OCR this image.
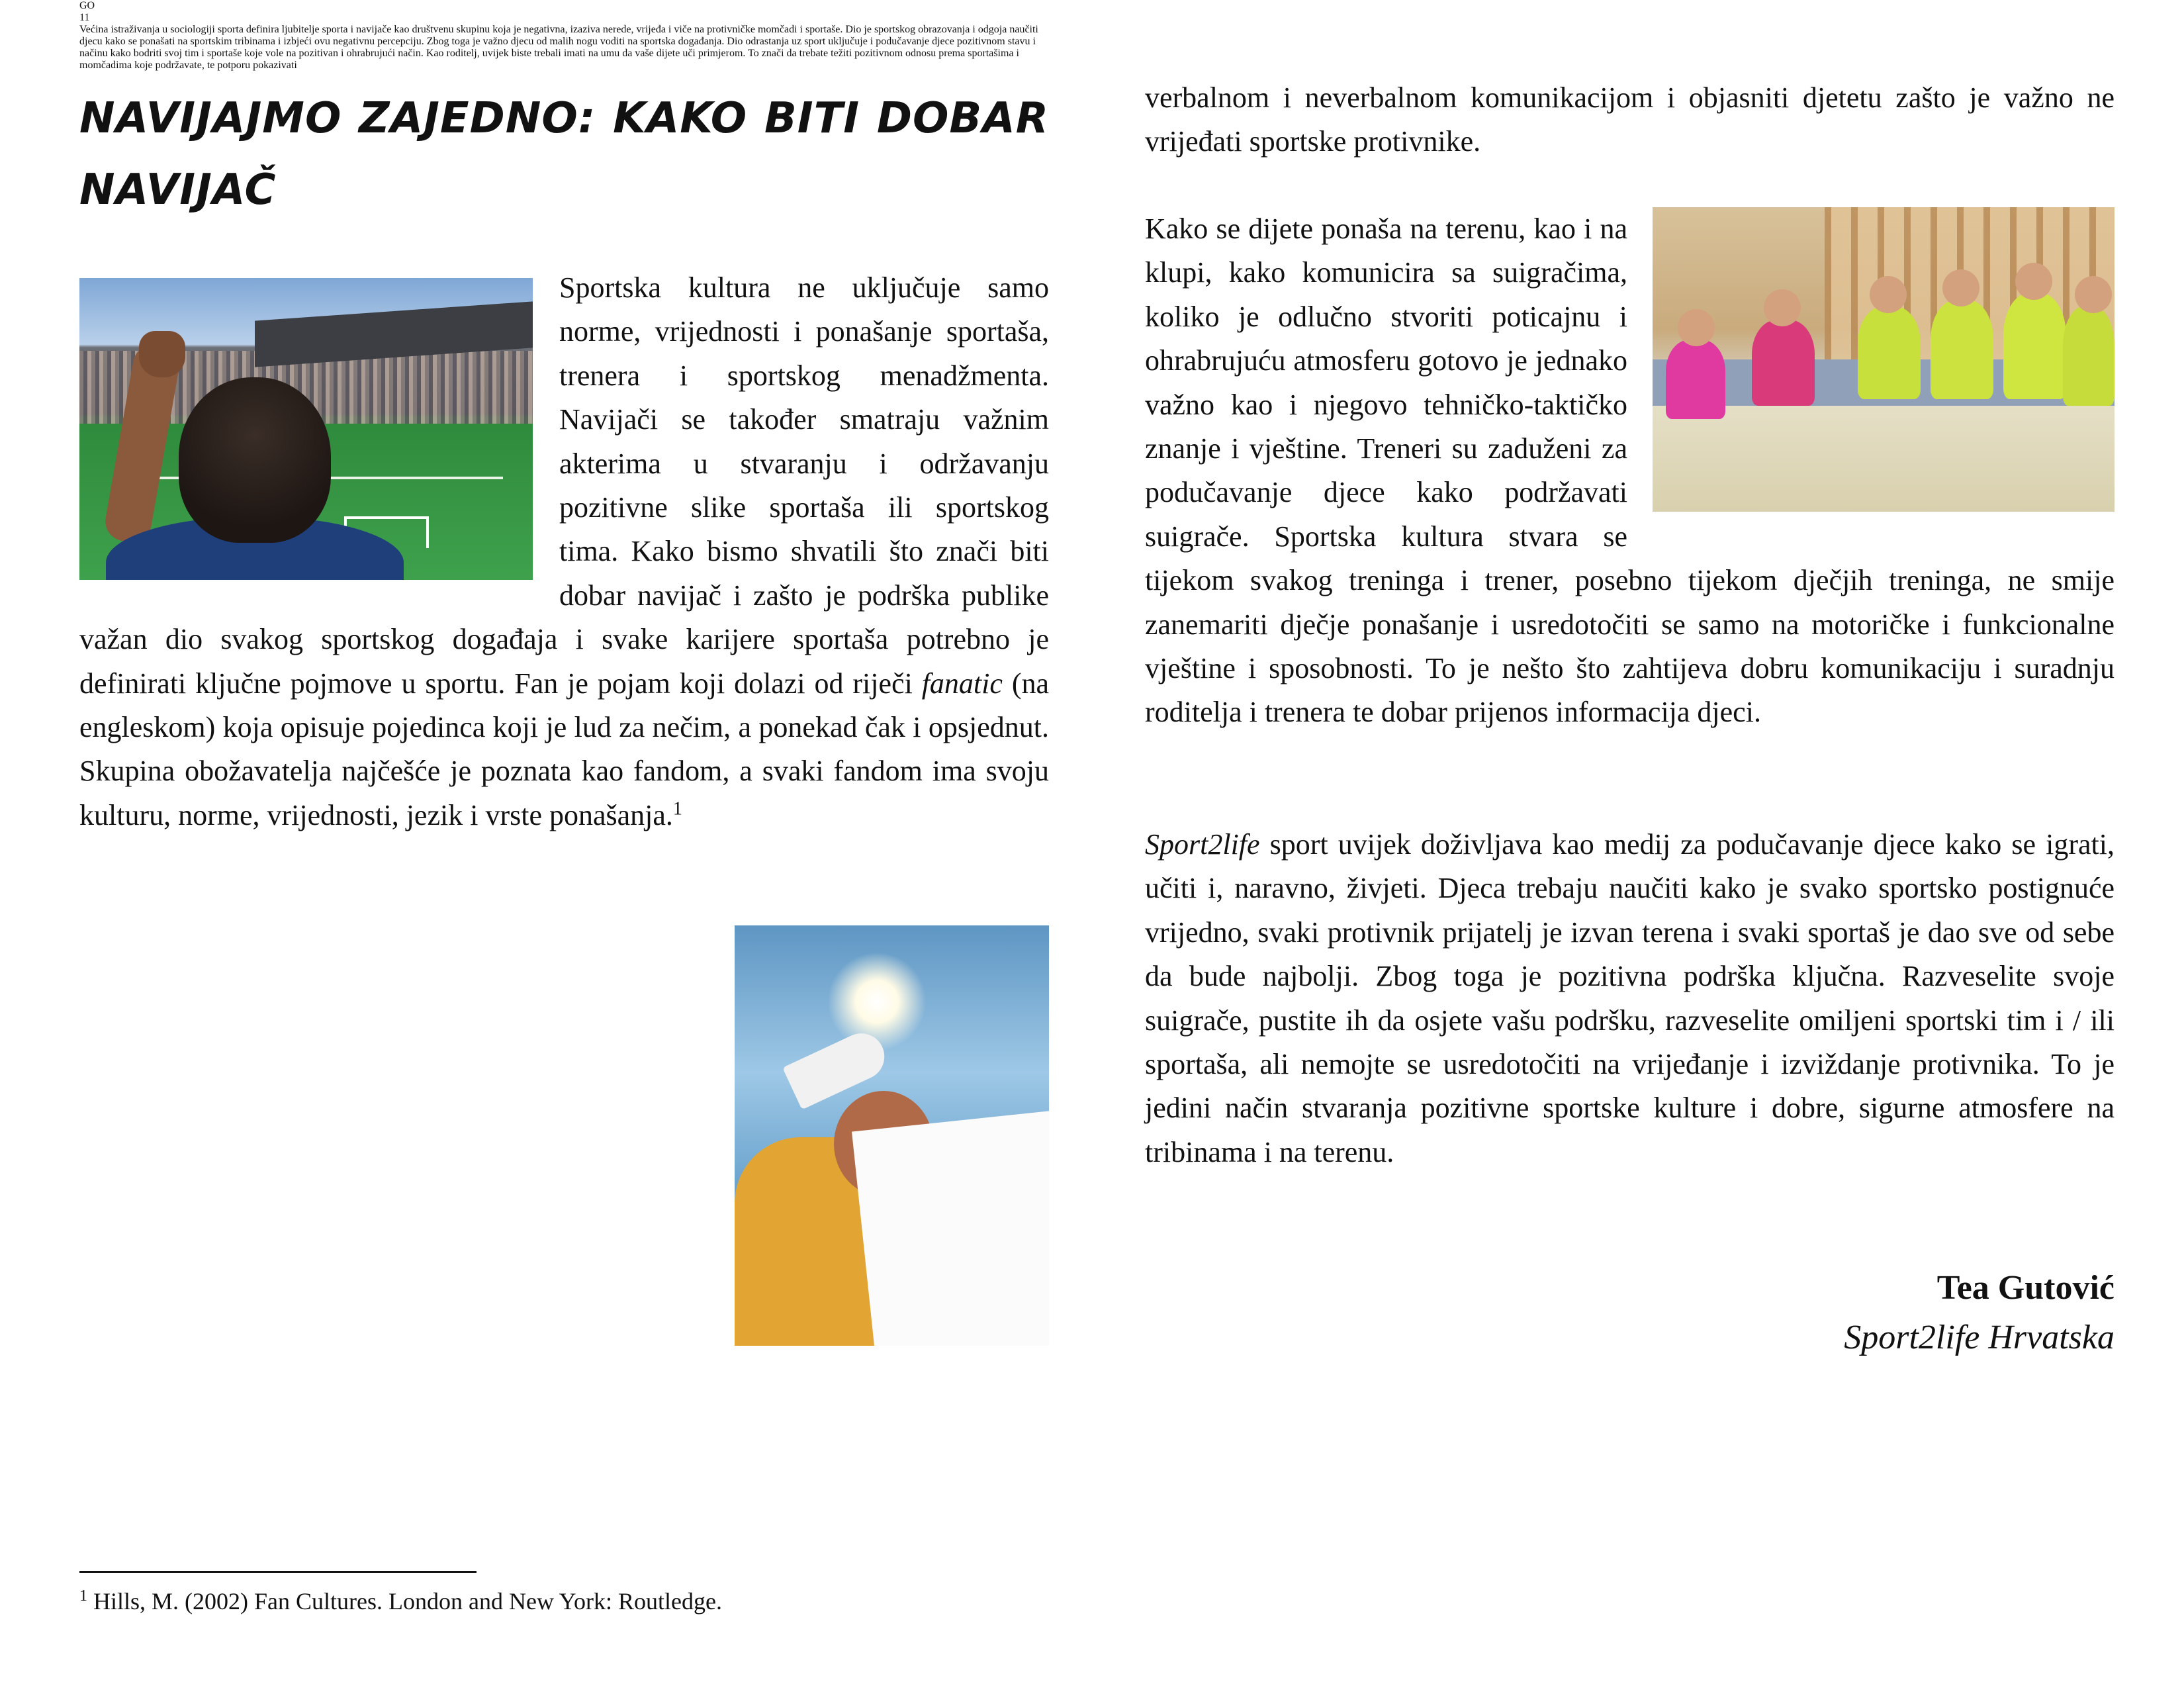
NAVIJAJMO ZAJEDNO: KAKO BITI DOBAR NAVIJAČ

Sportska kultura ne uključuje samo norme, vrijednosti i ponašanje sportaša, trenera i sportskog menadžmenta. Navijači se također smatraju važnim akterima u stvaranju i održavanju pozitivne slike sportaša ili sportskog tima. Kako bismo shvatili što znači biti dobar navijač i zašto je podrška publike važan dio svakog sportskog događaja i svake karijere sportaša potrebno je definirati ključne pojmove u sportu. Fan je pojam koji dolazi od riječi fanatic (na engleskom) koja opisuje pojedinca koji je lud za nečim, a ponekad čak i opsjednut. Skupina obožavatelja najčešće je poznata kao fandom, a svaki fandom ima svoju kulturu, norme, vrijednosti, jezik i vrste ponašanja.$^1$

GO
11
Većina istraživanja u sociologiji sporta definira ljubitelje sporta i navijače kao društvenu skupinu koja je negativna, izaziva nerede, vrijeđa i viče na protivničke momčadi i sportaše. Dio je sportskog obrazovanja i odgoja naučiti djecu kako se ponašati na sportskim tribinama i izbjeći ovu negativnu percepciju. Zbog toga je važno djecu od malih nogu voditi na sportska događanja. Dio odrastanja uz sport uključuje i podučavanje djece pozitivnom stavu i načinu kako bodriti svoj tim i sportaše koje vole na pozitivan i ohrabrujući način. Kao roditelj, uvijek biste trebali imati na umu da vaše dijete uči primjerom. To znači da trebate težiti pozitivnom odnosu prema sportašima i momčadima koje podržavate, te potporu pokazivati

verbalnom i neverbalnom komunikacijom i objasniti djetetu zašto je važno ne vrijeđati sportske protivnike.

Kako se dijete ponaša na terenu, kao i na klupi, kako komunicira sa suigračima, koliko je odlučno stvoriti poticajnu i ohrabrujuću atmosferu gotovo je jednako važno kao i njegovo tehničko-taktičko znanje i vještine. Treneri su zaduženi za podučavanje djece kako podržavati suigrače. Sportska kultura stvara se tijekom svakog treninga i trener, posebno tijekom dječjih treninga, ne smije zanemariti dječje ponašanje i usredotočiti se samo na motoričke i funkcionalne vještine i sposobnosti. To je nešto što zahtijeva dobru komunikaciju i suradnju roditelja i trenera te dobar prijenos informacija djeci.

Sport2life sport uvijek doživljava kao medij za podučavanje djece kako se igrati, učiti i, naravno, živjeti. Djeca trebaju naučiti kako je svako sportsko postignuće vrijedno, svaki protivnik prijatelj je izvan terena i svaki sportaš je dao sve od sebe da bude najbolji. Zbog toga je pozitivna podrška ključna. Razveselite svoje suigrače, pustite ih da osjete vašu podršku, razveselite omiljeni sportski tim i / ili sportaša, ali nemojte se usredotočiti na vrijeđanje i izviždanje protivnika. To je jedini način stvaranja pozitivne sportske kulture i dobre, sigurne atmosfere na tribinama i na terenu.

Tea Gutović

Sport2life Hrvatska

$^1$ Hills, M. (2002) Fan Cultures. London and New York: Routledge.
